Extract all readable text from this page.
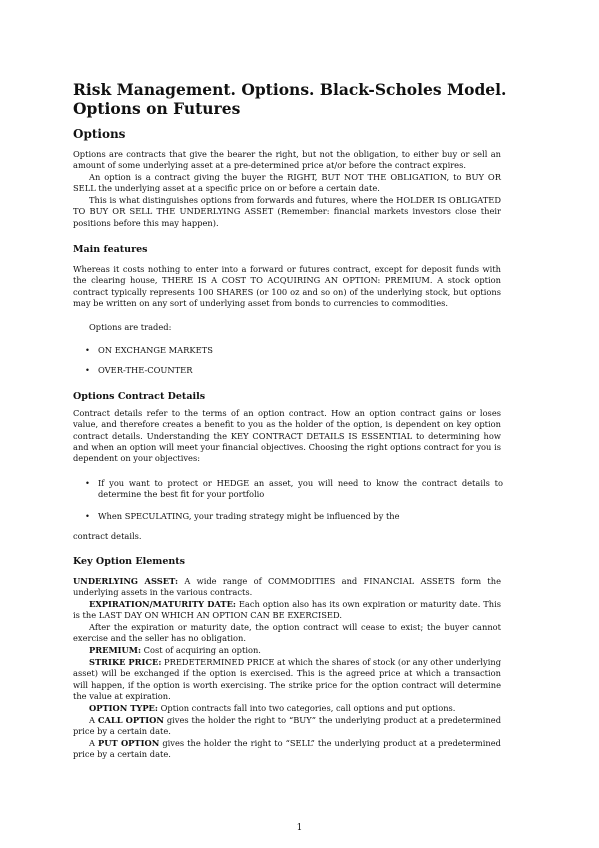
Risk Management. Options. Black-Scholes Model. Options on Futures
Options

Options are contracts that give the bearer the right, but not the obligation, to either buy or sell an amount of some underlying asset at a pre-determined price at/or before the contract expires.

An option is a contract giving the buyer the RIGHT, BUT NOT THE OBLIGATION, to BUY OR SELL the underlying asset at a specific price on or before a certain date.

This is what distinguishes options from forwards and futures, where the HOLDER IS OBLIGATED TO BUY OR SELL THE UNDERLYING ASSET (Remember: financial markets investors close their positions before this may happen).

Main features

Whereas it costs nothing to enter into a forward or futures contract, except for deposit funds with the clearing house, THERE IS A COST TO ACQUIRING AN OPTION: PREMIUM. A stock option contract typically represents 100 SHARES (or 100 oz and so on) of the underlying stock, but options may be written on any sort of underlying asset from bonds to currencies to commodities.

Options are traded:

• ON EXCHANGE MARKETS
• OVER-THE-COUNTER
Options Contract Details

Contract details refer to the terms of an option contract. How an option contract gains or loses value, and therefore creates a benefit to you as the holder of the option, is dependent on key option contract details. Understanding the KEY CONTRACT DETAILS IS ESSENTIAL to determining how and when an option will meet your financial objectives. Choosing the right options contract for you is dependent on your objectives:

• If you want to protect or HEDGE an asset, you will need to know the contract details to determine the best fit for your portfolio
• When SPECULATING, your trading strategy might be influenced by the

contract details.

Key Option Elements

UNDERLYING ASSET: A wide range of COMMODITIES and FINANCIAL ASSETS form the underlying assets in the various contracts.

EXPIRATION/MATURITY DATE: Each option also has its own expiration or maturity date. This is the LAST DAY ON WHICH AN OPTION CAN BE EXERCISED.

After the expiration or maturity date, the option contract will cease to exist; the buyer cannot exercise and the seller has no obligation.

PREMIUM: Cost of acquiring an option.

STRIKE PRICE: PREDETERMINED PRICE at which the shares of stock (or any other underlying asset) will be exchanged if the option is exercised. This is the agreed price at which a transaction will happen, if the option is worth exercising. The strike price for the option contract will determine the value at expiration.

OPTION TYPE: Option contracts fall into two categories, call options and put options.

A CALL OPTION gives the holder the right to “BUY” the underlying product at a predetermined price by a certain date.

A PUT OPTION gives the holder the right to “SELL” the underlying product at a predetermined price by a certain date.

1
